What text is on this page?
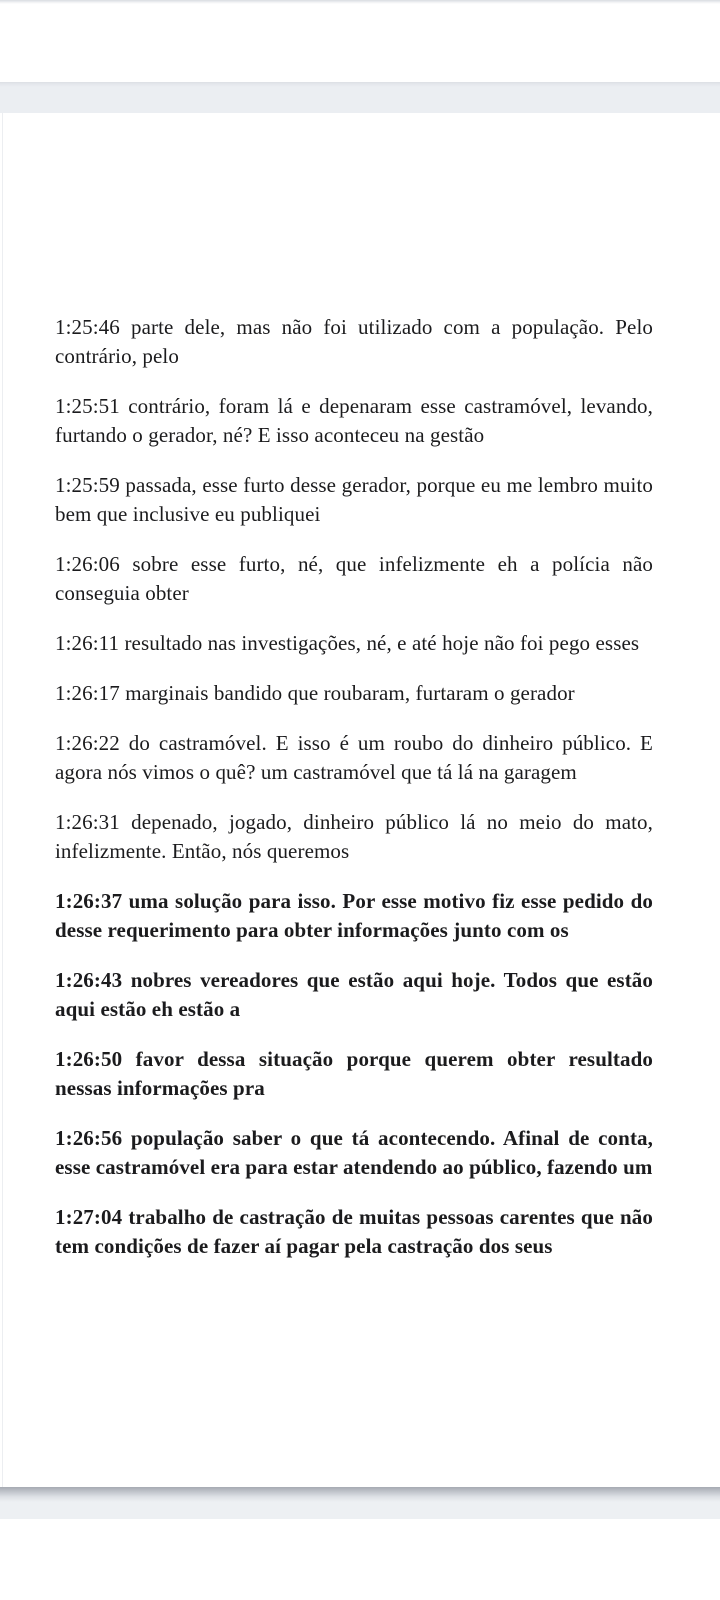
1:25:46 parte dele, mas não foi utilizado com a população. Pelo contrário, pelo

1:25:51 contrário, foram lá e depenaram esse castramóvel, levando, furtando o gerador, né? E isso aconteceu na gestão

1:25:59 passada, esse furto desse gerador, porque eu me lembro muito bem que inclusive eu publiquei

1:26:06 sobre esse furto, né, que infelizmente eh a polícia não conseguia obter

1:26:11 resultado nas investigações, né, e até hoje não foi pego esses

1:26:17 marginais bandido que roubaram, furtaram o gerador

1:26:22 do castramóvel. E isso é um roubo do dinheiro público. E agora nós vimos o quê? um castramóvel que tá lá na garagem

1:26:31 depenado, jogado, dinheiro público lá no meio do mato, infelizmente. Então, nós queremos

1:26:37 uma solução para isso. Por esse motivo fiz esse pedido do desse requerimento para obter informações junto com os

1:26:43 nobres vereadores que estão aqui hoje. Todos que estão aqui estão eh estão a

1:26:50 favor dessa situação porque querem obter resultado nessas informações pra

1:26:56 população saber o que tá acontecendo. Afinal de conta, esse castramóvel era para estar atendendo ao público, fazendo um

1:27:04 trabalho de castração de muitas pessoas carentes que não tem condições de fazer aí pagar pela castração dos seus
